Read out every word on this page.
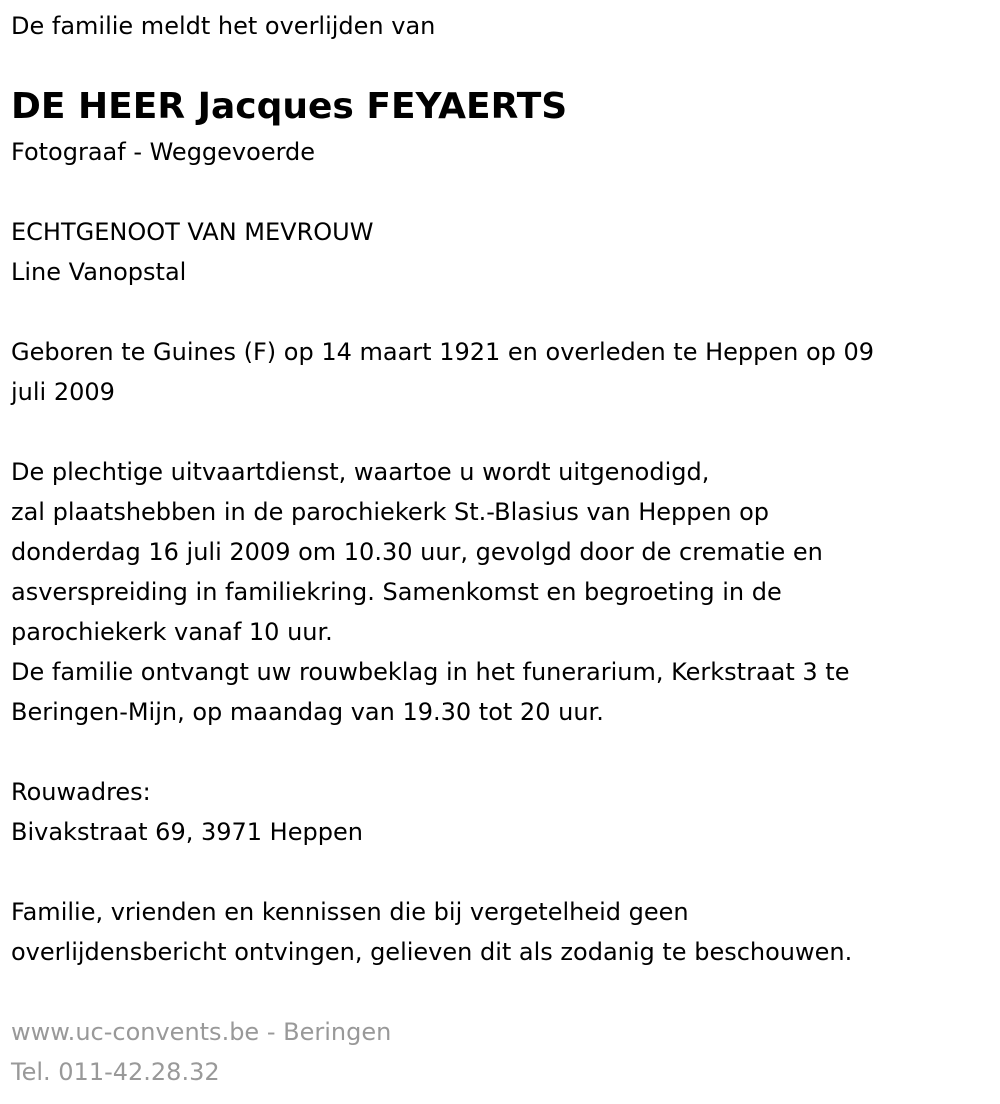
De familie meldt het overlijden van
DE HEER Jacques FEYAERTS
Fotograaf - Weggevoerde
ECHTGENOOT VAN MEVROUW
Line Vanopstal
Geboren te Guines (F) op 14 maart 1921 en overleden te Heppen op 09
juli 2009
De plechtige uitvaartdienst, waartoe u wordt uitgenodigd,
zal plaatshebben in de parochiekerk St.-Blasius van Heppen op
donderdag 16 juli 2009 om 10.30 uur, gevolgd door de crematie en
asverspreiding in familiekring. Samenkomst en begroeting in de
parochiekerk vanaf 10 uur.
De familie ontvangt uw rouwbeklag in het funerarium, Kerkstraat 3 te
Beringen-Mijn, op maandag van 19.30 tot 20 uur.
Rouwadres:
Bivakstraat 69, 3971 Heppen
Familie, vrienden en kennissen die bij vergetelheid geen
overlijdensbericht ontvingen, gelieven dit als zodanig te beschouwen.
www.uc-convents.be - Beringen
Tel. 011-42.28.32
